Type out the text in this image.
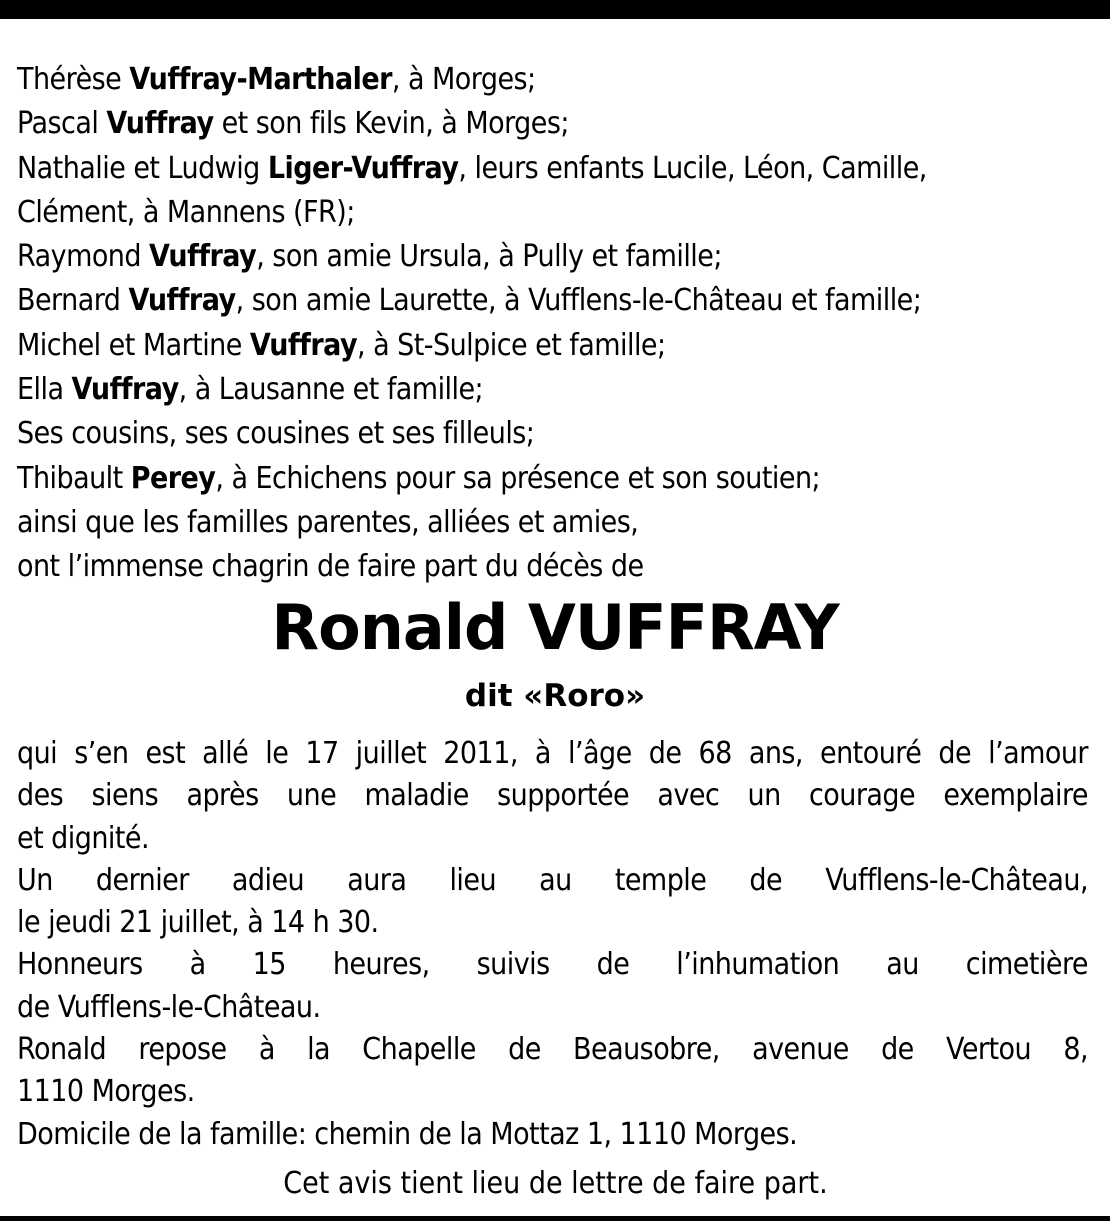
Thérèse Vuffray-Marthaler, à Morges;
Pascal Vuffray et son fils Kevin, à Morges;
Nathalie et Ludwig Liger-Vuffray, leurs enfants Lucile, Léon, Camille,
Clément, à Mannens (FR);
Raymond Vuffray, son amie Ursula, à Pully et famille;
Bernard Vuffray, son amie Laurette, à Vufflens-le-Château et famille;
Michel et Martine Vuffray, à St-Sulpice et famille;
Ella Vuffray, à Lausanne et famille;
Ses cousins, ses cousines et ses filleuls;
Thibault Perey, à Echichens pour sa présence et son soutien;
ainsi que les familles parentes, alliées et amies,
ont l’immense chagrin de faire part du décès de
Ronald VUFFRAY
dit «Roro»
qui s’en est allé le 17 juillet 2011, à l’âge de 68 ans, entouré de l’amour
des siens après une maladie supportée avec un courage exemplaire
et dignité.
Un dernier adieu aura lieu au temple de Vufflens-le-Château,
le jeudi 21 juillet, à 14 h 30.
Honneurs à 15 heures, suivis de l’inhumation au cimetière
de Vufflens-le-Château.
Ronald repose à la Chapelle de Beausobre, avenue de Vertou 8,
1110 Morges.
Domicile de la famille: chemin de la Mottaz 1, 1110 Morges.
Cet avis tient lieu de lettre de faire part.
